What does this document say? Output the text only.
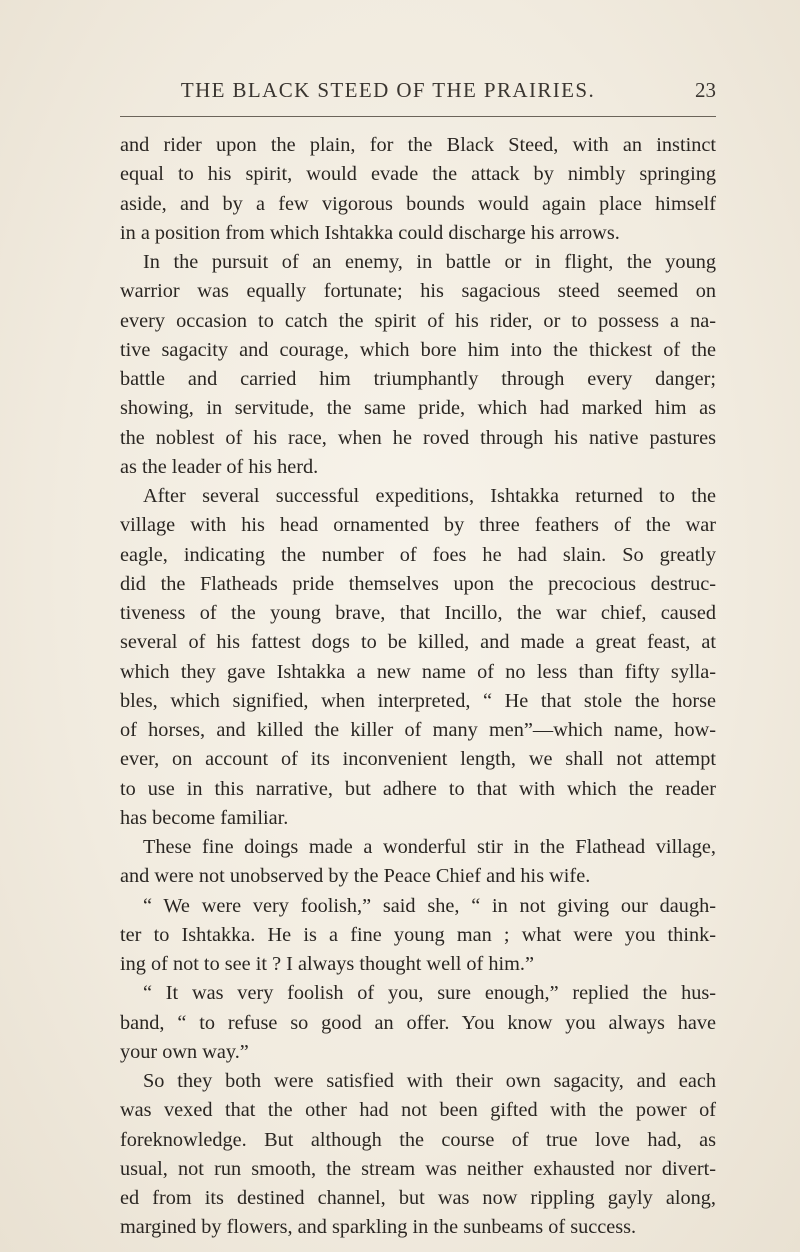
THE BLACK STEED OF THE PRAIRIES.	23
and rider upon the plain, for the Black Steed, with an instinct
equal to his spirit, would evade the attack by nimbly springing
aside, and by a few vigorous bounds would again place himself
in a position from which Ishtakka could discharge his arrows.
In the pursuit of an enemy, in battle or in flight, the young
warrior was equally fortunate; his sagacious steed seemed on
every occasion to catch the spirit of his rider, or to possess a na-
tive sagacity and courage, which bore him into the thickest of the
battle and carried him triumphantly through every danger;
showing, in servitude, the same pride, which had marked him as
the noblest of his race, when he roved through his native pastures
as the leader of his herd.
After several successful expeditions, Ishtakka returned to the
village with his head ornamented by three feathers of the war
eagle, indicating the number of foes he had slain. So greatly
did the Flatheads pride themselves upon the precocious destruc-
tiveness of the young brave, that Incillo, the war chief, caused
several of his fattest dogs to be killed, and made a great feast, at
which they gave Ishtakka a new name of no less than fifty sylla-
bles, which signified, when interpreted, “ He that stole the horse
of horses, and killed the killer of many men”—which name, how-
ever, on account of its inconvenient length, we shall not attempt
to use in this narrative, but adhere to that with which the reader
has become familiar.
These fine doings made a wonderful stir in the Flathead village,
and were not unobserved by the Peace Chief and his wife.
“ We were very foolish,” said she, “ in not giving our daugh-
ter to Ishtakka. He is a fine young man ; what were you think-
ing of not to see it ? I always thought well of him.”
“ It was very foolish of you, sure enough,” replied the hus-
band, “ to refuse so good an offer. You know you always have
your own way.”
So they both were satisfied with their own sagacity, and each
was vexed that the other had not been gifted with the power of
foreknowledge. But although the course of true love had, as
usual, not run smooth, the stream was neither exhausted nor divert-
ed from its destined channel, but was now rippling gayly along,
margined by flowers, and sparkling in the sunbeams of success.
